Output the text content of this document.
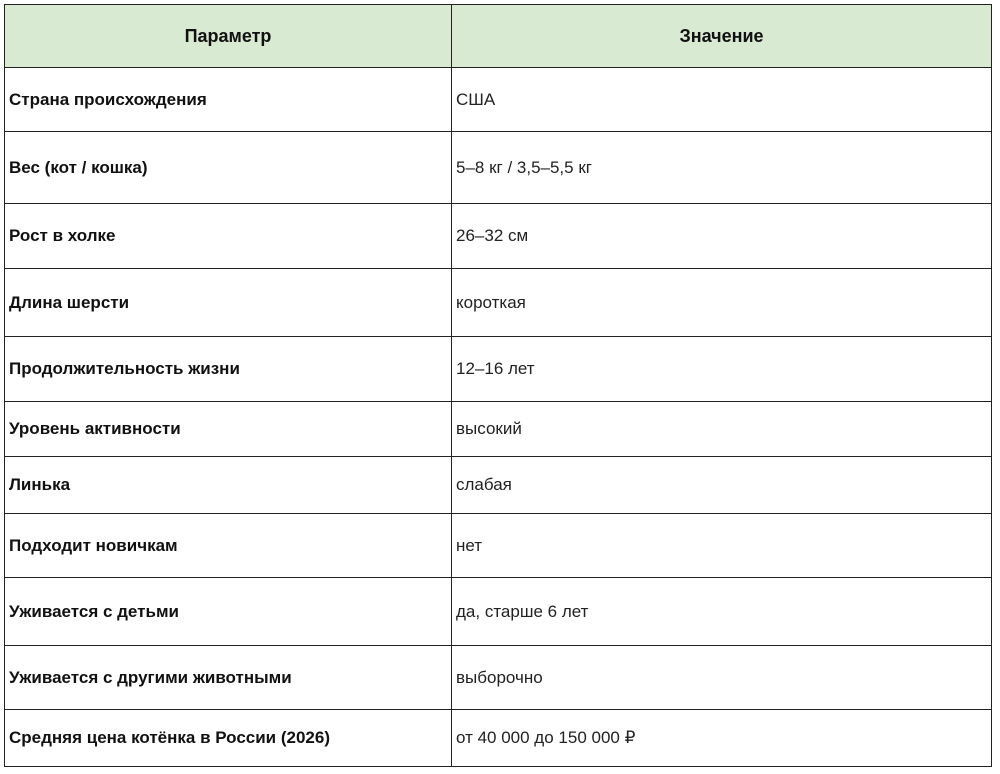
Параметр	Значение
Страна происхождения	США
Вес (кот / кошка)	5–8 кг / 3,5–5,5 кг
Рост в холке	26–32 см
Длина шерсти	короткая
Продолжительность жизни	12–16 лет
Уровень активности	высокий
Линька	слабая
Подходит новичкам	нет
Уживается с детьми	да, старше 6 лет
Уживается с другими животными	выборочно
Средняя цена котёнка в России (2026)	от 40 000 до 150 000 ₽
